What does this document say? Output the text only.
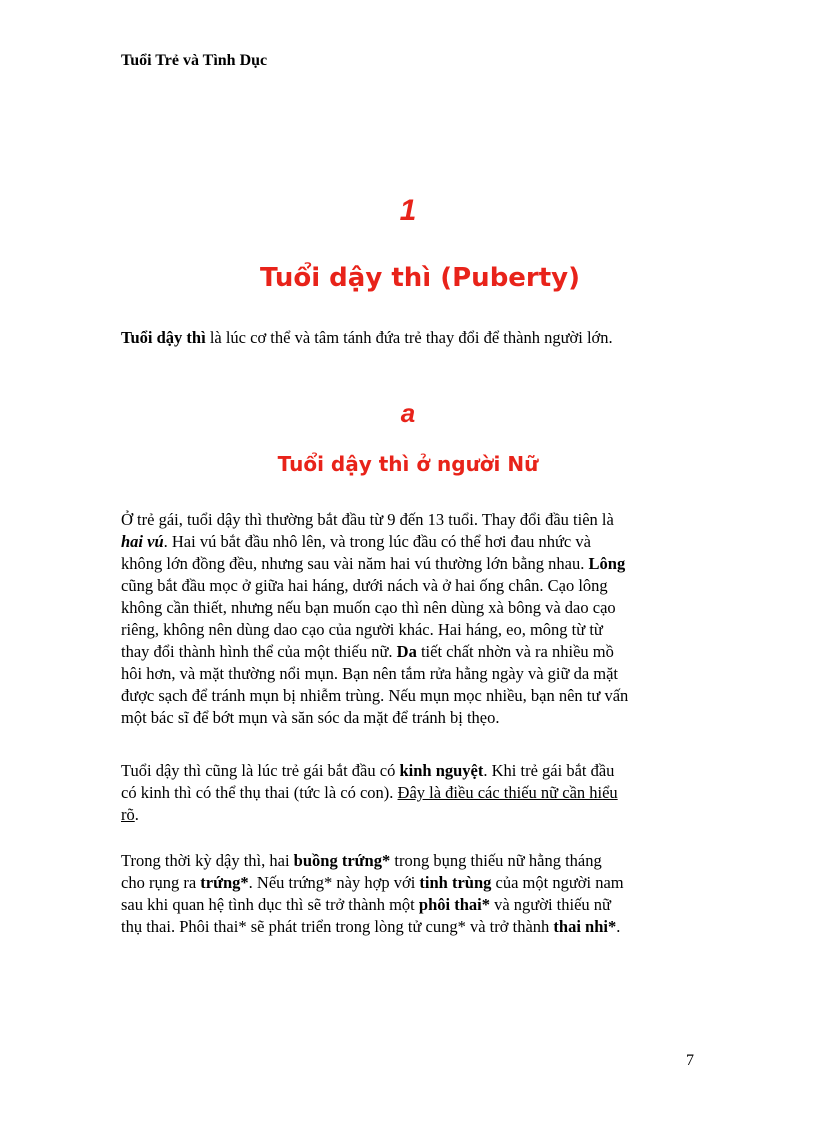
Tuổi Trẻ và Tình Dục
1
Tuổi dậy thì (Puberty)
Tuổi dậy thì là lúc cơ thể và tâm tánh đứa trẻ thay đổi để thành người lớn.
a
Tuổi dậy thì ở người Nữ
Ở trẻ gái, tuổi dậy thì thường bắt đầu từ 9 đến 13 tuổi. Thay đổi đầu tiên là
hai vú. Hai vú bắt đầu nhô lên, và trong lúc đầu có thể hơi đau nhức và
không lớn đồng đều, nhưng sau vài năm hai vú thường lớn bằng nhau. Lông
cũng bắt đầu mọc ở giữa hai háng, dưới nách và ở hai ống chân. Cạo lông
không cần thiết, nhưng nếu bạn muốn cạo thì nên dùng xà bông và dao cạo
riêng, không nên dùng dao cạo của người khác. Hai háng, eo, mông từ từ
thay đổi thành hình thể của một thiếu nữ. Da tiết chất nhờn và ra nhiều mồ
hôi hơn, và mặt thường nổi mụn. Bạn nên tắm rửa hằng ngày và giữ da mặt
được sạch để tránh mụn bị nhiễm trùng. Nếu mụn mọc nhiều, bạn nên tư vấn
một bác sĩ để bớt mụn và săn sóc da mặt để tránh bị thẹo.
Tuổi dậy thì cũng là lúc trẻ gái bắt đầu có kinh nguyệt. Khi trẻ gái bắt đầu
có kinh thì có thể thụ thai (tức là có con). Đây là điều các thiếu nữ cần hiểu
rõ.
Trong thời kỳ dậy thì, hai buồng trứng* trong bụng thiếu nữ hằng tháng
cho rụng ra trứng*. Nếu trứng* này hợp với tinh trùng của một người nam
sau khi quan hệ tình dục thì sẽ trở thành một phôi thai* và người thiếu nữ
thụ thai. Phôi thai* sẽ phát triển trong lòng tử cung* và trở thành thai nhi*.
7
